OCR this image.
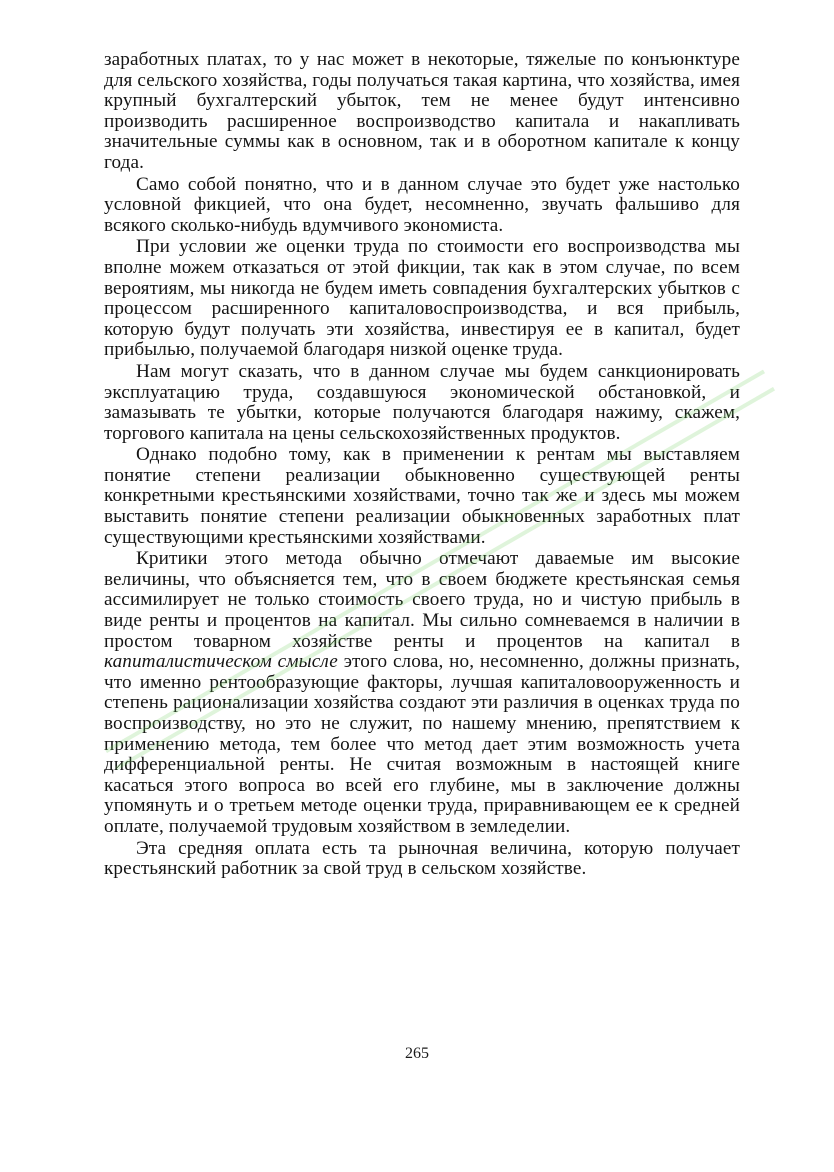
заработных платах, то у нас может в некоторые, тяжелые по конъюнктуре для сельского хозяйства, годы получаться такая картина, что хозяйства, имея крупный бухгалтерский убыток, тем не менее будут интенсивно производить расширенное воспроизводство капитала и накапливать значительные суммы как в основном, так и в оборотном капитале к концу года.

Само собой понятно, что и в данном случае это будет уже настолько условной фикцией, что она будет, несомненно, звучать фальшиво для всякого сколько-нибудь вдумчивого экономиста.

При условии же оценки труда по стоимости его воспроизводства мы вполне можем отказаться от этой фикции, так как в этом случае, по всем вероятиям, мы никогда не будем иметь совпадения бухгалтерских убытков с процессом расширенного капиталовоспроизводства, и вся прибыль, которую будут получать эти хозяйства, инвестируя ее в капитал, будет прибылью, получаемой благодаря низкой оценке труда.

Нам могут сказать, что в данном случае мы будем санкционировать эксплуатацию труда, создавшуюся экономической обстановкой, и замазывать те убытки, которые получаются благодаря нажиму, скажем, торгового капитала на цены сельскохозяйственных продуктов.

Однако подобно тому, как в применении к рентам мы выставляем понятие степени реализации обыкновенно существующей ренты конкретными крестьянскими хозяйствами, точно так же и здесь мы можем выставить понятие степени реализации обыкновенных заработных плат существующими крестьянскими хозяйствами.

Критики этого метода обычно отмечают даваемые им высокие величины, что объясняется тем, что в своем бюджете крестьянская семья ассимилирует не только стоимость своего труда, но и чистую прибыль в виде ренты и процентов на капитал. Мы сильно сомневаемся в наличии в простом товарном хозяйстве ренты и процентов на капитал в капиталистическом смысле этого слова, но, несомненно, должны признать, что именно рентообразующие факторы, лучшая капиталовооруженность и степень рационализации хозяйства создают эти различия в оценках труда по воспроизводству, но это не служит, по нашему мнению, препятствием к применению метода, тем более что метод дает этим возможность учета дифференциальной ренты. Не считая возможным в настоящей книге касаться этого вопроса во всей его глубине, мы в заключение должны упомянуть и о третьем методе оценки труда, приравнивающем ее к средней оплате, получаемой трудовым хозяйством в земледелии.

Эта средняя оплата есть та рыночная величина, которую получает крестьянский работник за свой труд в сельском хозяйстве.

265
